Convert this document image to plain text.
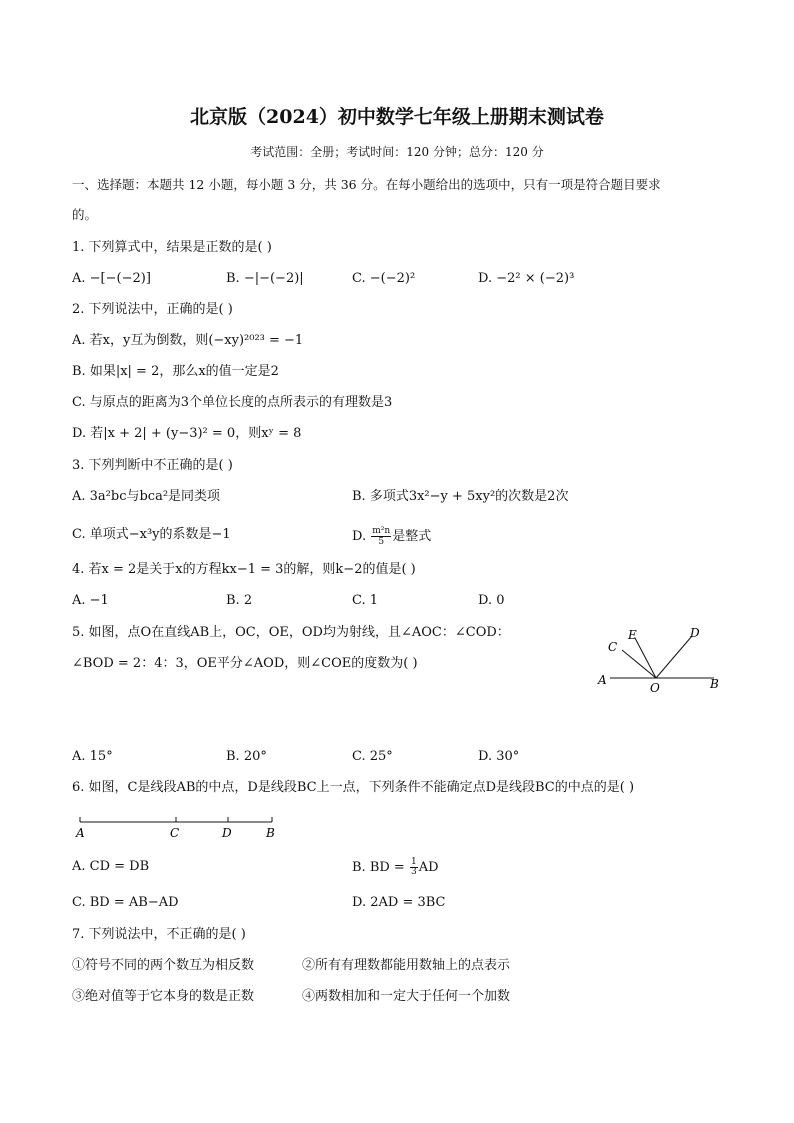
北京版（2024）初中数学七年级上册期末测试卷
考试范围：全册；考试时间：120 分钟；总分：120 分
一、选择题：本题共 12 小题，每小题 3 分，共 36 分。在每小题给出的选项中，只有一项是符合题目要求
的。
1. 下列算式中，结果是正数的是( )
A. −[−(−2)]	B. −|−(−2)|	C. −(−2)²	D. −2² × (−2)³
2. 下列说法中，正确的是( )
A. 若x，y互为倒数，则(−xy)²⁰²³ = −1
B. 如果|x| = 2，那么x的值一定是2
C. 与原点的距离为3个单位长度的点所表示的有理数是3
D. 若|x + 2| + (y−3)² = 0，则xʸ = 8
3. 下列判断中不正确的是( )
A. 3a²bc与bca²是同类项	B. 多项式3x²−y + 5xy²的次数是2次
C. 单项式−x³y的系数是−1	D. $\frac{\text{m²n}}{5}$ 是整式
4. 若x = 2是关于x的方程kx−1 = 3的解，则k−2的值是( )
A. −1	B. 2	C. 1	D. 0
5. 如图，点O在直线AB上，OC，OE，OD均为射线，且∠AOC：∠COD：
∠BOD = 2：4：3，OE平分∠AOD，则∠COE的度数为( )
A
O	B
C
E	D
A. 15°	B. 20°	C. 25°	D. 30°
6. 如图，C是线段AB的中点，D是线段BC上一点，下列条件不能确定点D是线段BC的中点的是( )
A	C	D	B
A. CD = DB	B. BD = $\frac{1}{3}$ AD
C. BD = AB−AD	D. 2AD = 3BC
7. 下列说法中，不正确的是( )
①符号不同的两个数互为相反数	②所有有理数都能用数轴上的点表示
③绝对值等于它本身的数是正数	④两数相加和一定大于任何一个加数
